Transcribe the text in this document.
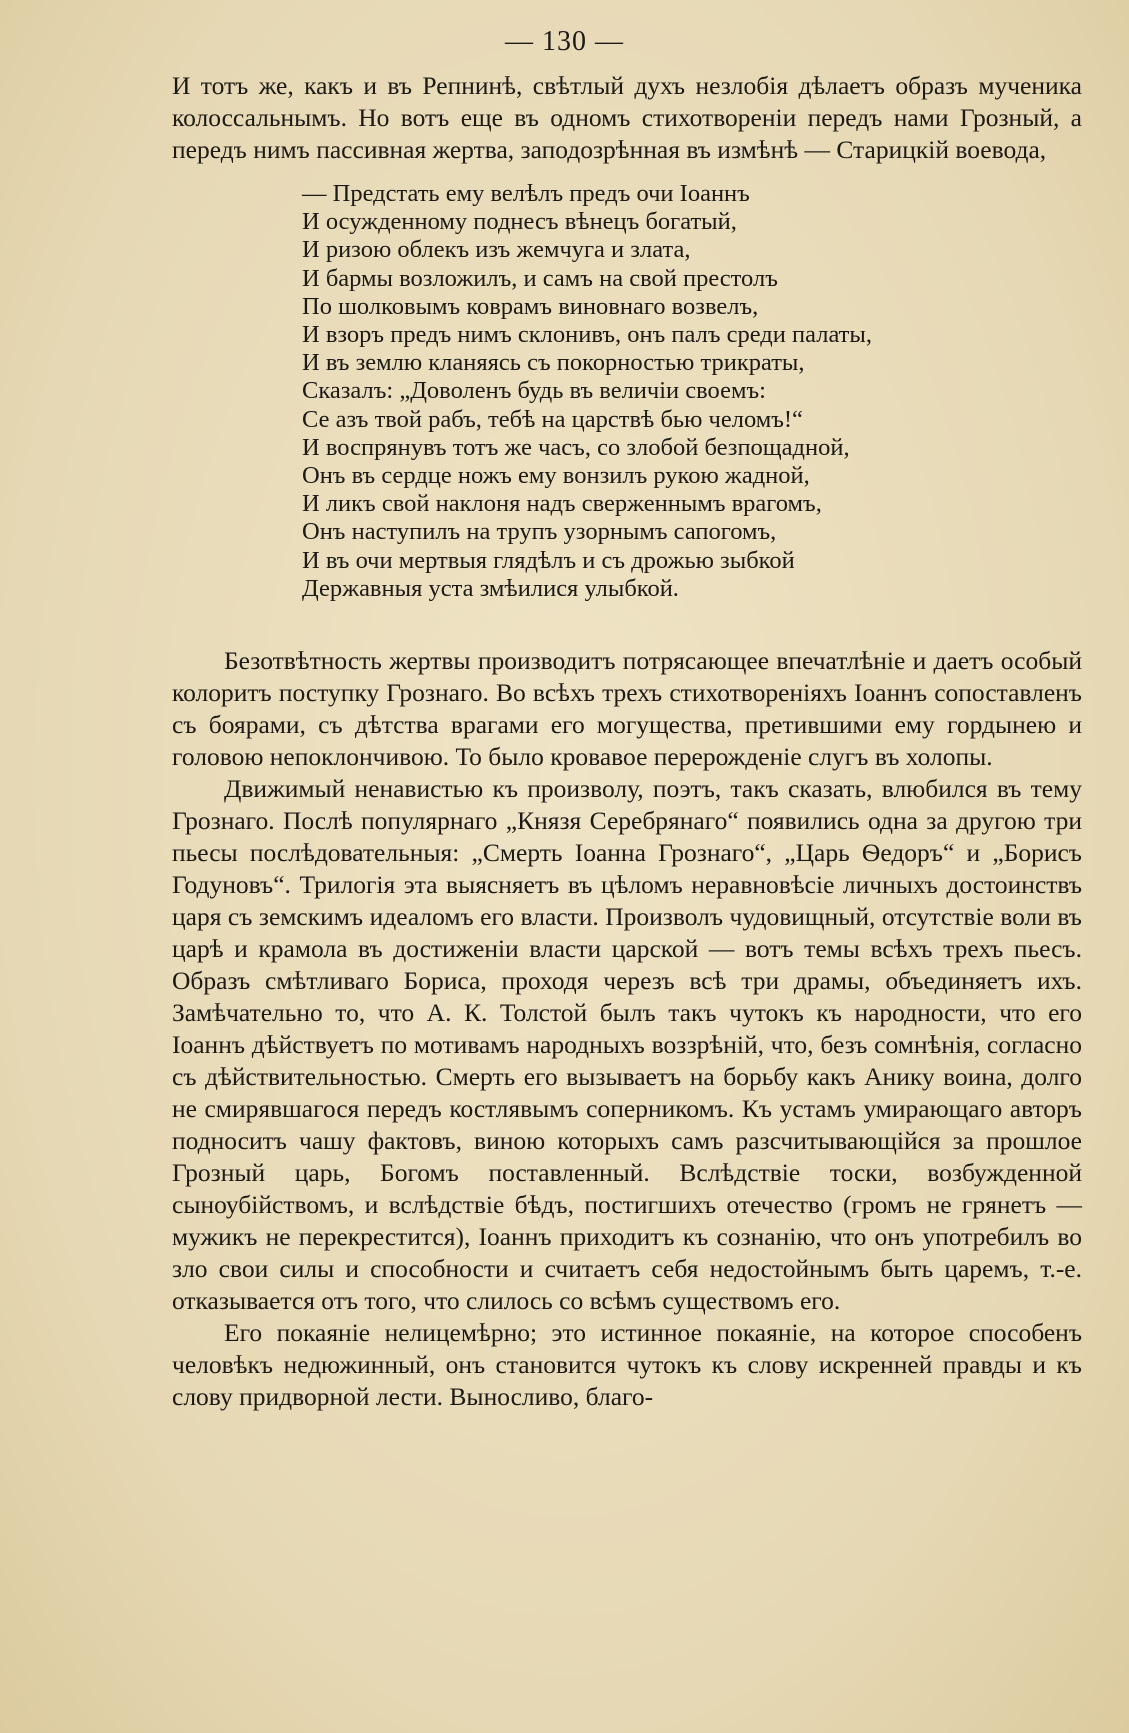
— 130 —

И тотъ же, какъ и въ Репнинѣ, свѣтлый духъ незлобія дѣлаетъ образъ мученика колоссальнымъ. Но вотъ еще въ одномъ стихотвореніи передъ нами Грозный, а передъ нимъ пассивная жертва, заподозрѣнная въ измѣнѣ — Старицкій воевода,

— Предстать ему велѣлъ предъ очи Іоаннъ
И осужденному поднесъ вѣнецъ богатый,
И ризою облекъ изъ жемчуга и злата,
И бармы возложилъ, и самъ на свой престолъ
По шолковымъ коврамъ виновнаго возвелъ,
И взоръ предъ нимъ склонивъ, онъ палъ среди палаты,
И въ землю кланяясь съ покорностью трикраты,
Сказалъ: „Доволенъ будь въ величіи своемъ:
Се азъ твой рабъ, тебѣ на царствѣ бью челомъ!“
И воспрянувъ тотъ же часъ, со злобой безпощадной,
Онъ въ сердце ножъ ему вонзилъ рукою жадной,
И ликъ свой наклоня надъ сверженнымъ врагомъ,
Онъ наступилъ на трупъ узорнымъ сапогомъ,
И въ очи мертвыя глядѣлъ и съ дрожью зыбкой
Державныя уста змѣилися улыбкой.

Безотвѣтность жертвы производитъ потрясающее впечатлѣніе и даетъ особый колоритъ поступку Грознаго. Во всѣхъ трехъ стихотвореніяхъ Іоаннъ сопоставленъ съ боярами, съ дѣтства врагами его могущества, претившими ему гордынею и головою непоклончивою. То было кровавое перерожденіе слугъ въ холопы.

Движимый ненавистью къ произволу, поэтъ, такъ сказать, влюбился въ тему Грознаго. Послѣ популярнаго „Князя Серебрянаго“ появились одна за другою три пьесы послѣдовательныя: „Смерть Іоанна Грознаго“, „Царь Ѳедоръ“ и „Борисъ Годуновъ“. Трилогія эта выясняетъ въ цѣломъ неравновѣсіе личныхъ достоинствъ царя съ земскимъ идеаломъ его власти. Произволъ чудовищный, отсутствіе воли въ царѣ и крамола въ достиженіи власти царской — вотъ темы всѣхъ трехъ пьесъ. Образъ смѣтливаго Бориса, проходя черезъ всѣ три драмы, объединяетъ ихъ. Замѣчательно то, что А. К. Толстой былъ такъ чутокъ къ народности, что его Іоаннъ дѣйствуетъ по мотивамъ народныхъ воззрѣній, что, безъ сомнѣнія, согласно съ дѣйствительностью. Смерть его вызываетъ на борьбу какъ Анику воина, долго не смирявшагося передъ костлявымъ соперникомъ. Къ устамъ умирающаго авторъ подноситъ чашу фактовъ, виною которыхъ самъ разсчитывающійся за прошлое Грозный царь, Богомъ поставленный. Вслѣдствіе тоски, возбужденной сыноубійствомъ, и вслѣдствіе бѣдъ, постигшихъ отечество (громъ не грянетъ — мужикъ не перекрестится), Іоаннъ приходитъ къ сознанію, что онъ употребилъ во зло свои силы и способности и считаетъ себя недостойнымъ быть царемъ, т.-е. отказывается отъ того, что слилось со всѣмъ существомъ его.

Его покаяніе нелицемѣрно; это истинное покаяніе, на которое способенъ человѣкъ недюжинный, онъ становится чутокъ къ слову искренней правды и къ слову придворной лести. Выносливо, благо-
